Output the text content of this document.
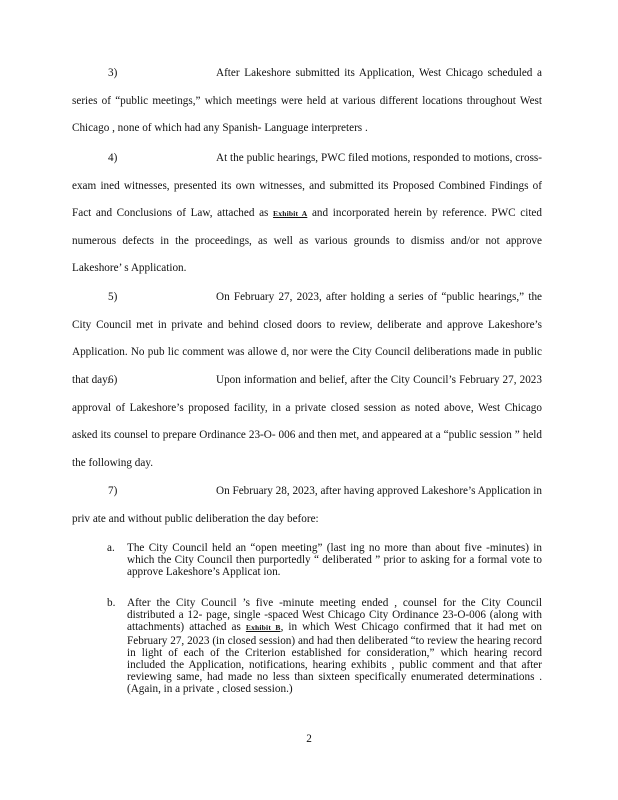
3)	After Lakeshore submitted its Application, West Chicago scheduled a series of “public meetings,” which meetings were held at various different locations throughout West Chicago , none of which had any Spanish- Language interpreters .

4)	At the public hearings, PWC filed motions, responded to motions, cross- exam ined witnesses, presented its own witnesses, and submitted its Proposed Combined Findings of Fact and Conclusions of Law, attached as Exhibit A and incorporated herein by reference. PWC cited numerous defects in the proceedings, as well as various grounds to dismiss and/or not approve Lakeshore’ s Application.

5)	On February 27, 2023, after holding a series of “public hearings,” the City Council met in private and behind closed doors to review, deliberate and approve Lakeshore’s Application. No pub lic comment was allowe d, nor were the City Council deliberations made in public that day.

6)	Upon information and belief, after the City Council’s February 27, 2023 approval of Lakeshore’s proposed facility, in a private closed session as noted above, West Chicago asked its counsel to prepare Ordinance 23-O- 006 and then met, and appeared at a “public session ” held the following day.

7)	On February 28, 2023, after having approved Lakeshore’s Application in priv ate and without public deliberation the day before:

a. The City Council held an “open meeting” (last ing no more than about five -minutes) in which the City Council then purportedly “ deliberated ” prior to asking for a formal vote to approve Lakeshore’s Applicat ion.
b. After the City Council ’s five -minute meeting ended , counsel for the City Council distributed a 12- page, single -spaced West Chicago City Ordinance 23-O-006 (along with attachments) attached as Exhibit B, in which West Chicago confirmed that it had met on February 27, 2023 (in closed session) and had then deliberated “to review the hearing record in light of each of the Criterion established for consideration,” which hearing record included the Application, notifications, hearing exhibits , public comment and that after reviewing same, had made no less than sixteen specifically enumerated determinations . (Again, in a private , closed session.)
2
